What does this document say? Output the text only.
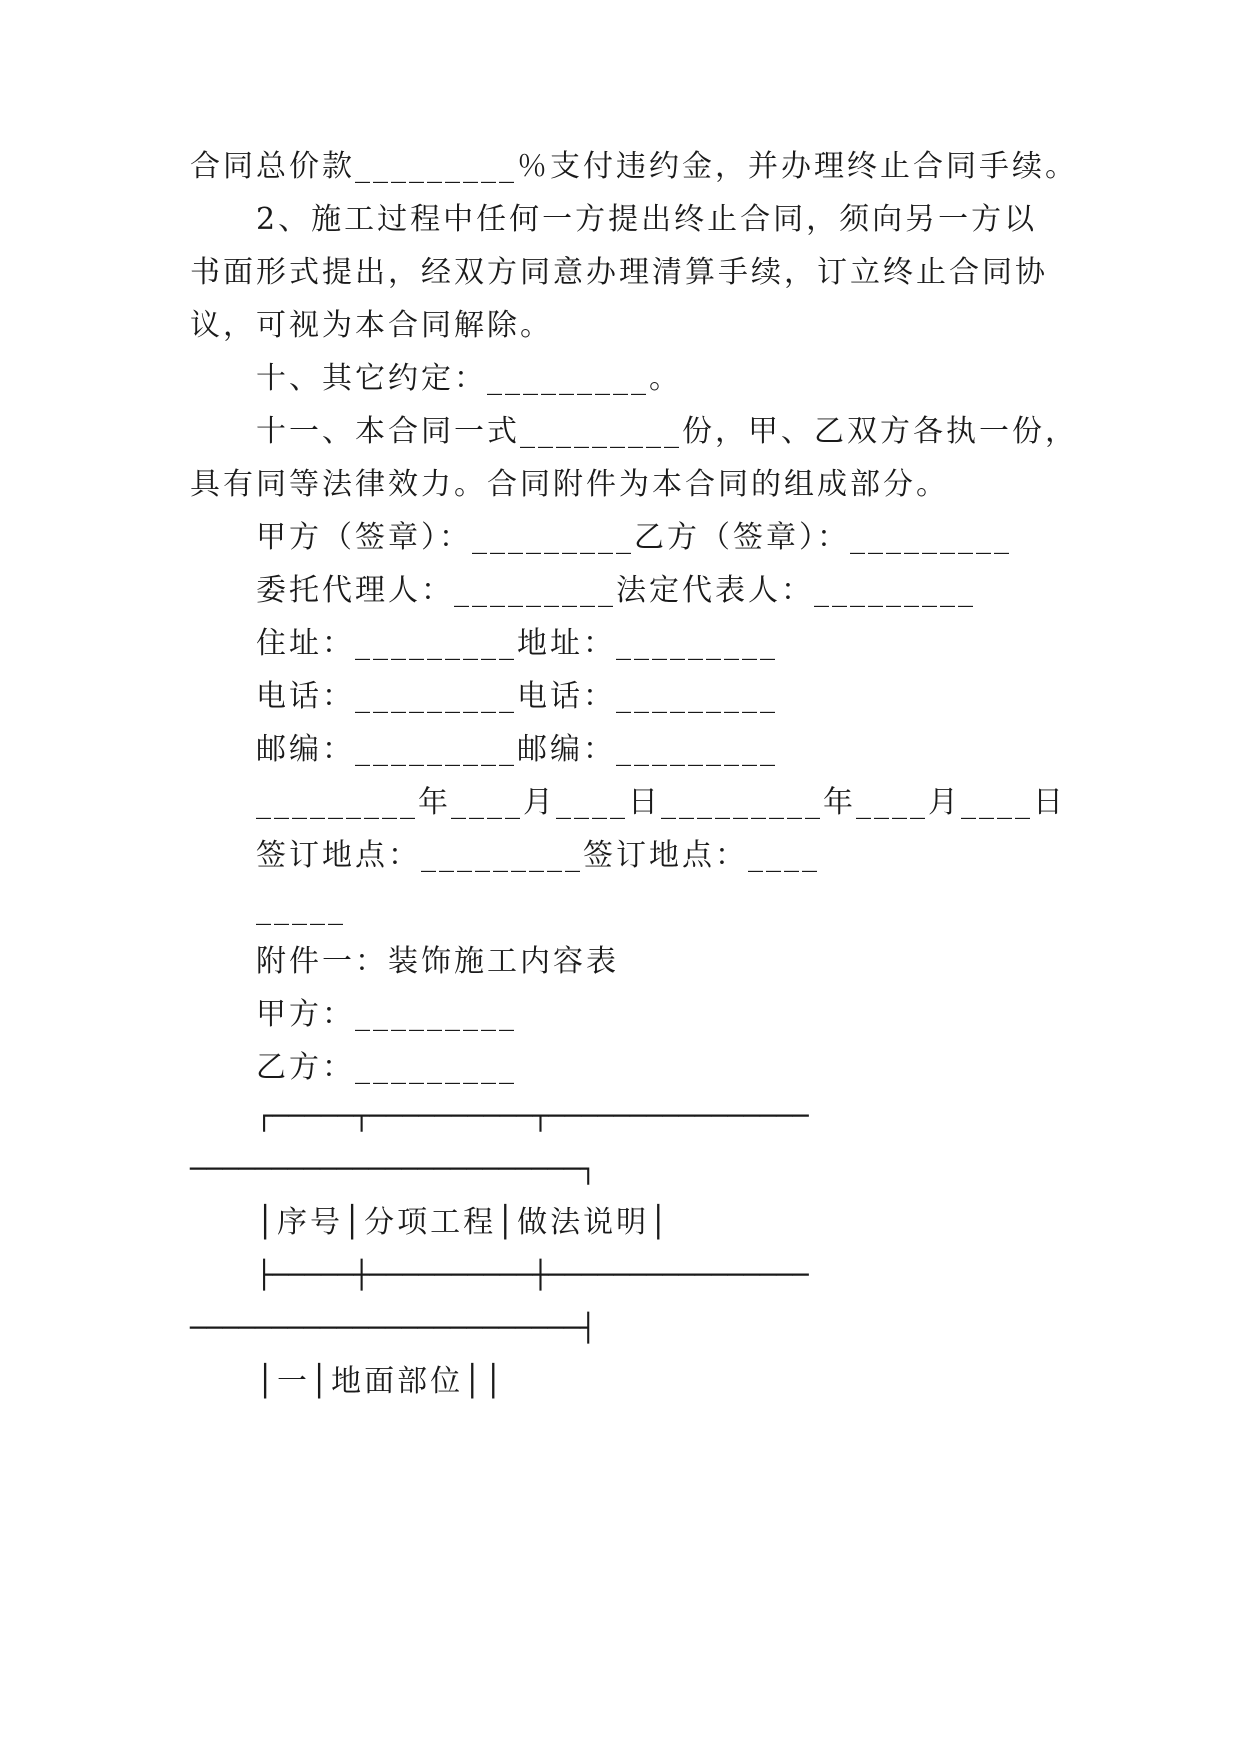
合同总价款_________％支付违约金，并办理终止合同手续。

2、施工过程中任何一方提出终止合同，须向另一方以

书面形式提出，经双方同意办理清算手续，订立终止合同协

议，可视为本合同解除。

十、其它约定：_________。

十一、本合同一式_________份，甲、乙双方各执一份，

具有同等法律效力。合同附件为本合同的组成部分。

甲方（签章）：_________乙方（签章）：_________

委托代理人：_________法定代表人：_________

住址：_________地址：_________

电话：_________电话：_________

邮编：_________邮编：_________

_________年____月____日_________年____月____日

签订地点：_________签订地点：____

_____

附件一：装饰施工内容表

甲方：_________

乙方：_________

┌─────┬──────────┬────────────────

────────────────────────┐

│序号│分项工程│做法说明│

├─────┼──────────┼────────────────

────────────────────────┤

│一│地面部位││
